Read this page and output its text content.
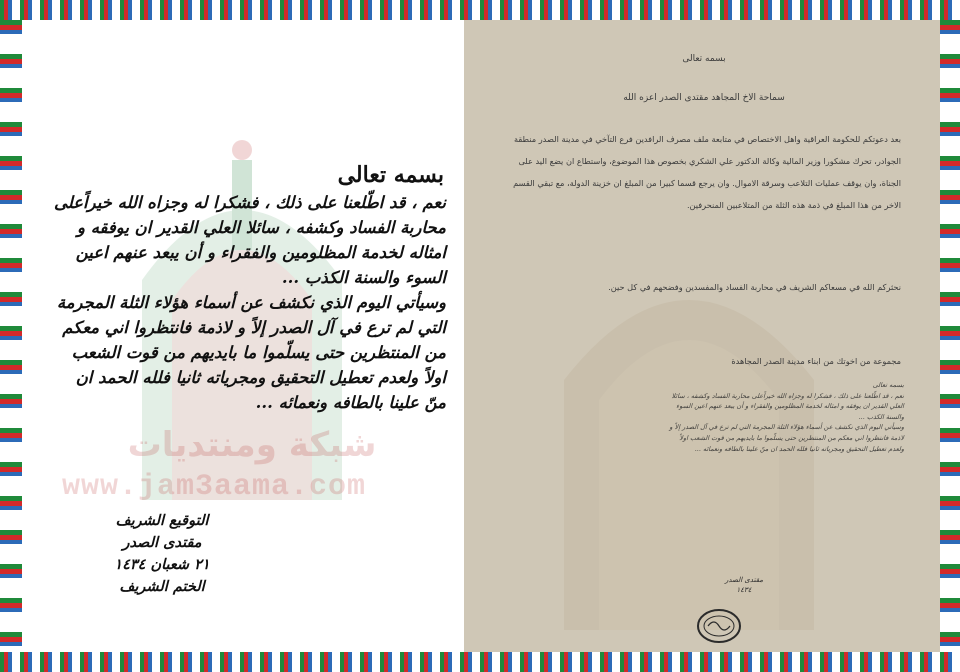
شبكة ومنتديات
www.jam3aama.com
بسمه تعالى

نعم ، قد اطّلعنا على ذلك ، فشكرا له وجزاه الله خيراًعلى محاربة الفساد وكشفه ، سائلا العلي القدير ان يوفقه و امثاله لخدمة المظلومين والفقراء و أن يبعد عنهم اعين السوء والسنة الكذب ...

وسيأتي اليوم الذي نكشف عن أسماء هؤلاء الثلة المجرمة التي لم ترع في آل الصدر إلاً و لاذمة فانتظروا اني معكم من المنتظرين حتى يسلّموا ما بايديهم من قوت الشعب اولاً ولعدم تعطيل التحقيق ومجرياته ثانيا فلله الحمد ان منّ علينا بالطافه ونعمائه ...

التوقيع الشريف
مقتدى الصدر
٢١ شعبان ١٤٣٤
الختم الشريف
بسمه تعالى
سماحة الاخ المجاهد مقتدى الصدر اعزه الله
بعد دعوتكم للحكومة العراقية واهل الاختصاص في متابعة ملف مصرف الرافدين فرع التآخي في مدينة الصدر منطقة الجوادر، تحرك مشكورا وزير المالية وكالة الدكتور علي الشكري بخصوص هذا الموضوع، واستطاع ان يضع اليد على الجناة، وان يوقف عمليات التلاعب وسرقة الاموال. وان يرجع قسما كبيرا من المبلغ ان خزينة الدولة، مع تبقي القسم الاخر من هذا المبلغ في ذمة هذه الثلة من المتلاعبين المنحرفين.
نحثركم الله في مسعاكم الشريف في محاربة الفساد والمفسدين وفضحهم في كل حين.
مجموعة من اخوتك من ابناء مدينة الصدر المجاهدة
بسمه تعالى
نعم ، قد اطّلعنا على ذلك ، فشكرا له وجزاه الله خيراًعلى محاربة الفساد وكشفه ، سائلا العلي القدير ان يوفقه و امثاله لخدمة المظلومين والفقراء و أن يبعد عنهم اعين السوء والسنة الكذب ...
وسيأتي اليوم الذي نكشف عن أسماء هؤلاء الثلة المجرمة التي لم ترع في آل الصدر إلاً و لاذمة فانتظروا اني معكم من المنتظرين حتى يسلّموا ما بايديهم من قوت الشعب اولاً ولعدم تعطيل التحقيق ومجرياته ثانيا فلله الحمد ان منّ علينا بالطافه ونعمائه ...
مقتدى الصدر
١٤٣٤
